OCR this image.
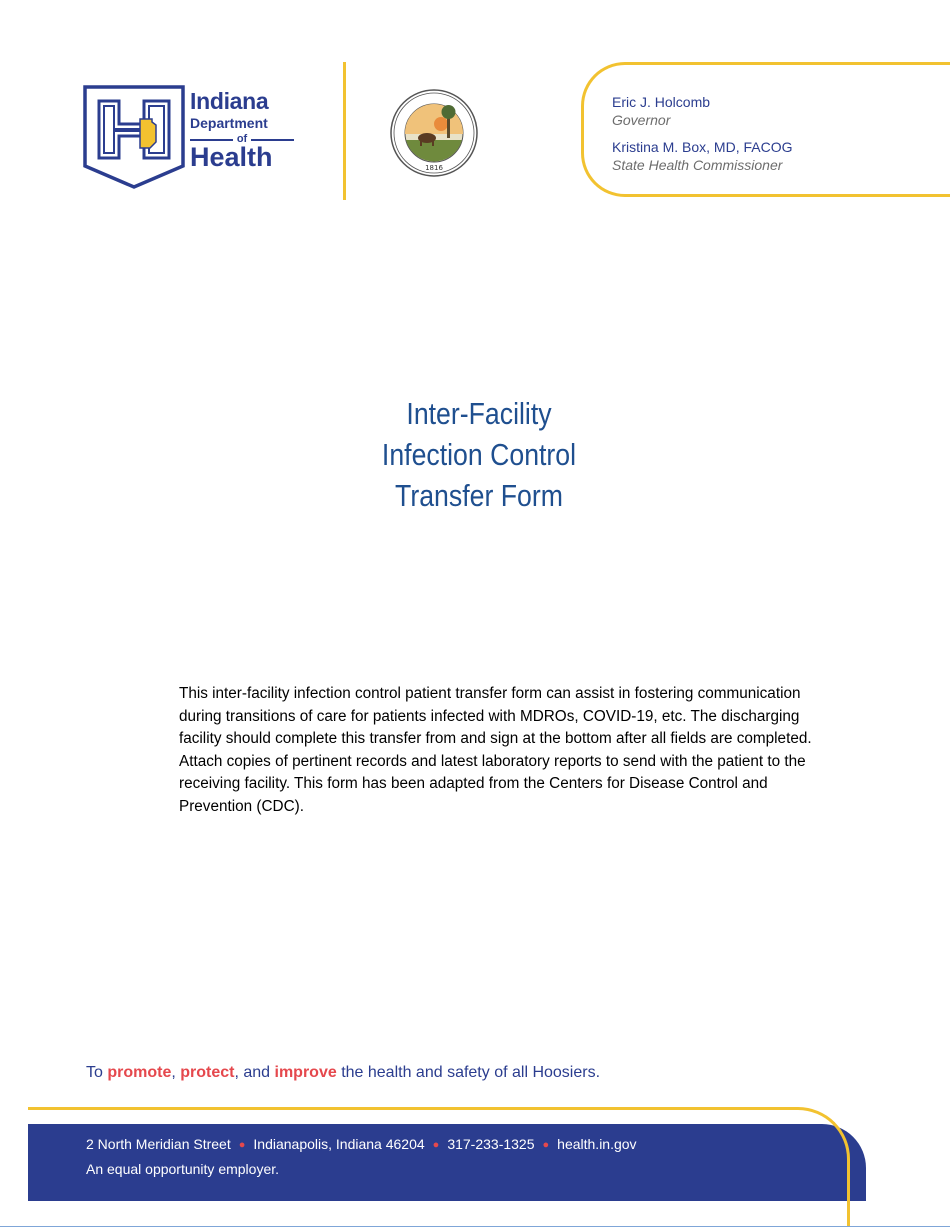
Indiana
Department
of
Health	1816
Eric J. Holcomb
Governor
Kristina M. Box, MD, FACOG
State Health Commissioner
Inter-Facility
Infection Control
Transfer Form
This inter-facility infection control patient transfer form can assist in fostering communication during transitions of care for patients infected with MDROs, COVID-19, etc. The discharging facility should complete this transfer from and sign at the bottom after all fields are completed. Attach copies of pertinent records and latest laboratory reports to send with the patient to the receiving facility. This form has been adapted from the Centers for Disease Control and Prevention (CDC).
To promote, protect, and improve the health and safety of all Hoosiers.
2 North Meridian Street ● Indianapolis, Indiana 46204 ● 317-233-1325 ● health.in.gov
An equal opportunity employer.
